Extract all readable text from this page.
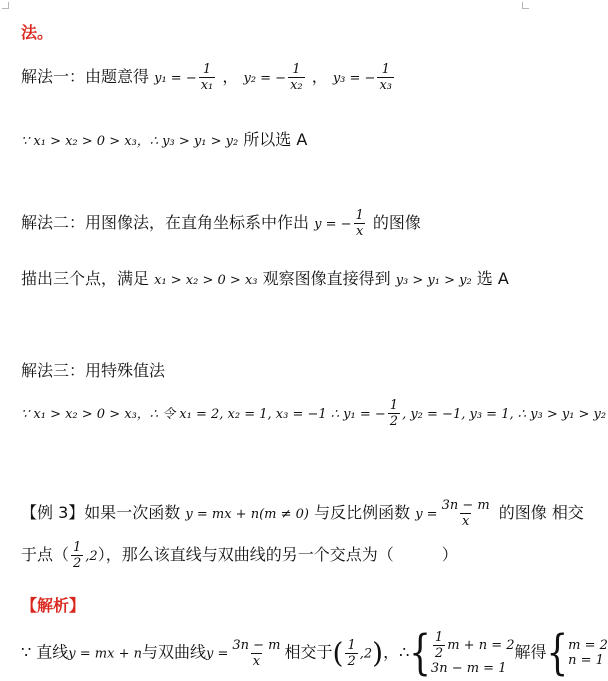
法。
解法一：由题意得 y₁ = − $\frac{1}{\text{x₁}}$ ， y₂ = − $\frac{1}{\text{x₂}}$ ， y₃ = − $\frac{1}{\text{x₃}}$
∵ x₁ > x₂ > 0 > x₃，∴ y₃ > y₁ > y₂ 所以选 A
解法二：用图像法，在直角坐标系中作出 y = − $\frac{1}{x}$ 的图像
描出三个点，满足 x₁ > x₂ > 0 > x₃ 观察图像直接得到 y₃ > y₁ > y₂ 选 A
解法三：用特殊值法
∵ x₁ > x₂ > 0 > x₃，∴ 令 x₁ = 2, x₂ = 1, x₃ = −1 ∴ y₁ = − $\frac{1}{2}$ , y₂ = −1, y₃ = 1, ∴ y₃ > y₁ > y₂
【例 3】如果一次函数 y = mx + n(m ≠ 0) 与反比例函数 $y = \frac{3n - m}{x}$ 的图像 相交
于点（ $\frac{1}{2} ,2$），那么该直线与双曲线的另一个交点为（　　　）
【解析】
∵ 直线y = mx + n与双曲线$y = \frac{3n - m}{x}$ 相交于( $\frac{1}{2} ,2$)，∴{ $\frac{1}{2}$ m + n = 2
3n − m = 1
解得{ m = 2
n = 1
